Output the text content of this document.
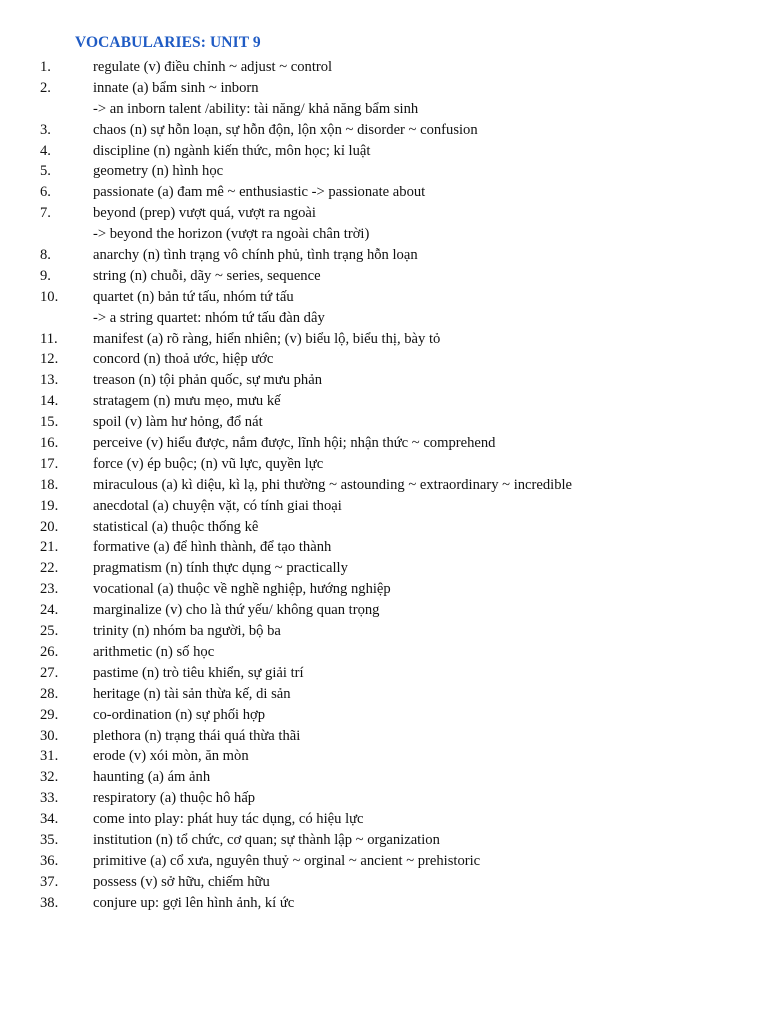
VOCABULARIES: UNIT 9
1.	regulate (v) điều chỉnh ~ adjust ~ control
2.	innate (a) bẩm sinh ~ inborn
-> an inborn talent /ability: tài năng/ khả năng bẩm sinh
3.	chaos (n) sự hỗn loạn, sự hỗn độn, lộn xộn ~ disorder ~ confusion
4.	discipline (n) ngành kiến thức, môn học; kỉ luật
5.	geometry (n) hình học
6.	passionate (a) đam mê ~ enthusiastic -> passionate about
7.	beyond (prep) vượt quá, vượt ra ngoài
-> beyond the horizon (vượt ra ngoài chân trời)
8.	anarchy (n) tình trạng vô chính phủ, tình trạng hỗn loạn
9.	string (n) chuỗi, dãy ~ series, sequence
10.	quartet (n) bản tứ tấu, nhóm tứ tấu
-> a string quartet: nhóm tứ tấu đàn dây
11.	manifest (a) rõ ràng, hiển nhiên; (v) biểu lộ, biểu thị, bày tỏ
12.	concord (n) thoả ước, hiệp ước
13.	treason (n) tội phản quốc, sự mưu phản
14.	stratagem (n) mưu mẹo, mưu kế
15.	spoil (v) làm hư hỏng, đổ nát
16.	perceive (v) hiểu được, nắm được, lĩnh hội; nhận thức ~ comprehend
17.	force (v) ép buộc; (n) vũ lực, quyền lực
18.	miraculous (a) kì diệu, kì lạ, phi thường ~ astounding ~ extraordinary ~ incredible
19.	anecdotal (a) chuyện vặt, có tính giai thoại
20.	statistical (a) thuộc thống kê
21.	formative (a) để hình thành, để tạo thành
22.	pragmatism (n) tính thực dụng ~ practically
23.	vocational (a) thuộc về nghề nghiệp, hướng nghiệp
24.	marginalize (v) cho là thứ yếu/ không quan trọng
25.	trinity (n) nhóm ba người, bộ ba
26.	arithmetic (n) số học
27.	pastime (n) trò tiêu khiển, sự giải trí
28.	heritage (n) tài sản thừa kế, di sản
29.	co-ordination (n) sự phối hợp
30.	plethora (n) trạng thái quá thừa thãi
31.	erode (v) xói mòn, ăn mòn
32.	haunting (a) ám ảnh
33.	respiratory (a) thuộc hô hấp
34.	come into play: phát huy tác dụng, có hiệu lực
35.	institution (n) tổ chức, cơ quan; sự thành lập ~ organization
36.	primitive (a) cổ xưa, nguyên thuỷ ~ orginal ~ ancient ~ prehistoric
37.	possess (v) sở hữu, chiếm hữu
38.	conjure up: gợi lên hình ảnh, kí ức
